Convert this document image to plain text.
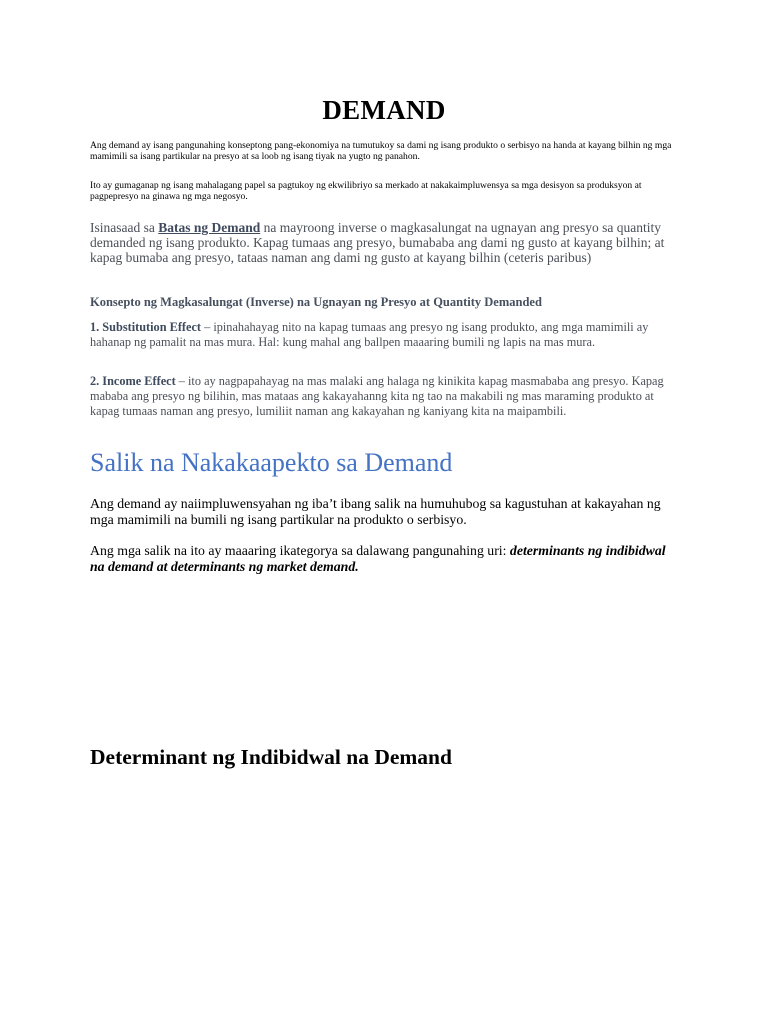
DEMAND

Ang demand ay isang pangunahing konseptong pang-ekonomiya na tumutukoy sa dami ng isang produkto o serbisyo na handa at kayang bilhin ng mga mamimili sa isang partikular na presyo at sa loob ng isang tiyak na yugto ng panahon.

Ito ay gumaganap ng isang mahalagang papel sa pagtukoy ng ekwilibriyo sa merkado at nakakaimpluwensya sa mga desisyon sa produksyon at pagpepresyo na ginawa ng mga negosyo.

Isinasaad sa Batas ng Demand na mayroong inverse o magkasalungat na ugnayan ang presyo sa quantity demanded ng isang produkto. Kapag tumaas ang presyo, bumababa ang dami ng gusto at kayang bilhin; at kapag bumaba ang presyo, tataas naman ang dami ng gusto at kayang bilhin (ceteris paribus)

Konsepto ng Magkasalungat (Inverse) na Ugnayan ng Presyo at Quantity Demanded

1. Substitution Effect – ipinahahayag nito na kapag tumaas ang presyo ng isang produkto, ang mga mamimili ay hahanap ng pamalit na mas mura. Hal: kung mahal ang ballpen maaaring bumili ng lapis na mas mura.

2. Income Effect – ito ay nagpapahayag na mas malaki ang halaga ng kinikita kapag masmababa ang presyo. Kapag mababa ang presyo ng bilihin, mas mataas ang kakayahanng kita ng tao na makabili ng mas maraming produkto at kapag tumaas naman ang presyo, lumiliit naman ang kakayahan ng kaniyang kita na maipambili.

Salik na Nakakaapekto sa Demand

Ang demand ay naiimpluwensyahan ng iba’t ibang salik na humuhubog sa kagustuhan at kakayahan ng mga mamimili na bumili ng isang partikular na produkto o serbisyo.

Ang mga salik na ito ay maaaring ikategorya sa dalawang pangunahing uri: determinants ng indibidwal na demand at determinants ng market demand.

Determinant ng Indibidwal na Demand
